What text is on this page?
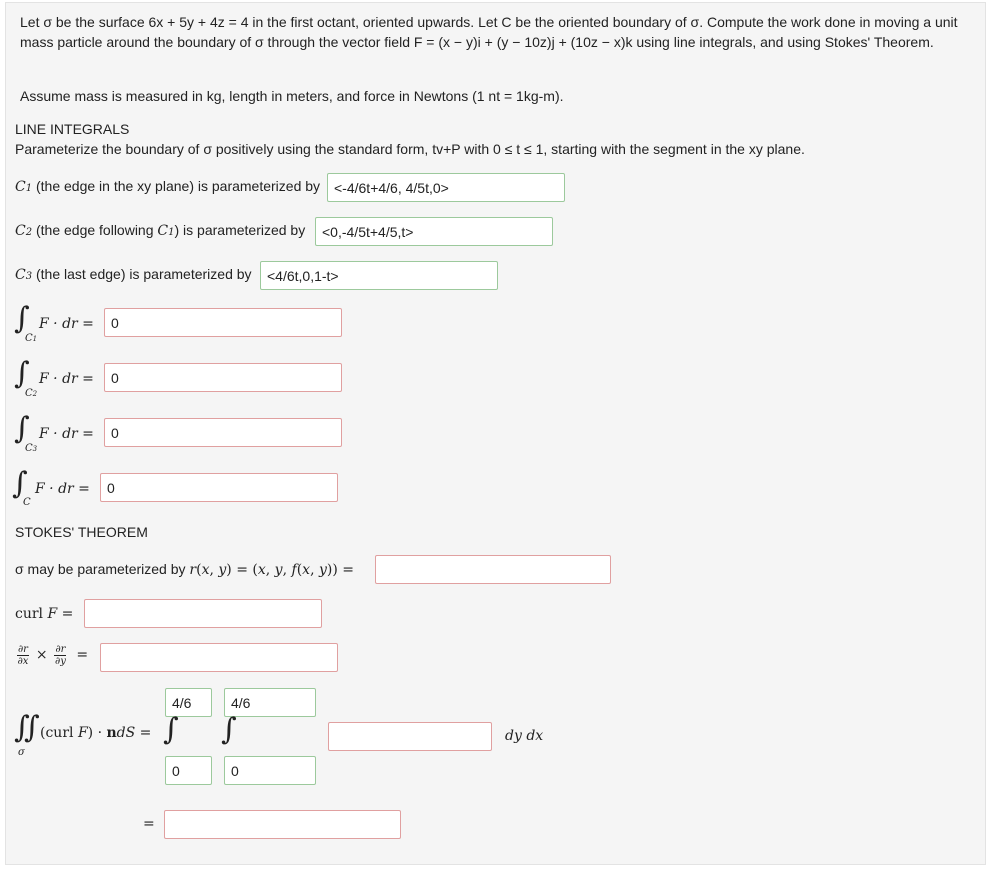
Let σ be the surface 6x + 5y + 4z = 4 in the first octant, oriented upwards. Let C be the oriented boundary of σ. Compute the work done in moving a unit mass particle around the boundary of σ through the vector field F = (x − y)i + (y − 10z)j + (10z − x)k using line integrals, and using Stokes' Theorem.
Assume mass is measured in kg, length in meters, and force in Newtons (1 nt = 1kg-m).
LINE INTEGRALS
Parameterize the boundary of σ positively using the standard form, tv+P with 0 ≤ t ≤ 1, starting with the segment in the xy plane.
C1 (the edge in the xy plane) is parameterized by <-4/6t+4/6, 4/5t,0>
C2 (the edge following C1) is parameterized by	<0,-4/5t+4/5,t>
C3 (the last edge) is parameterized by	<4/6t,0,1-t>
∫
C1
F · dr =	0
∫
C2
F · dr =	0
∫
C3
F · dr =	0
∫
C
F · dr =	0
STOKES' THEOREM
σ may be parameterized by r(x, y) = (x, y, f(x, y)) =
curl F =
$\frac{\partial r}{\partial x} \times \frac{\partial r}{\partial y}$ =
∬
σ
(curl F) · ndS =
4/6
∫
0
4/6
∫
0
dy dx
=
